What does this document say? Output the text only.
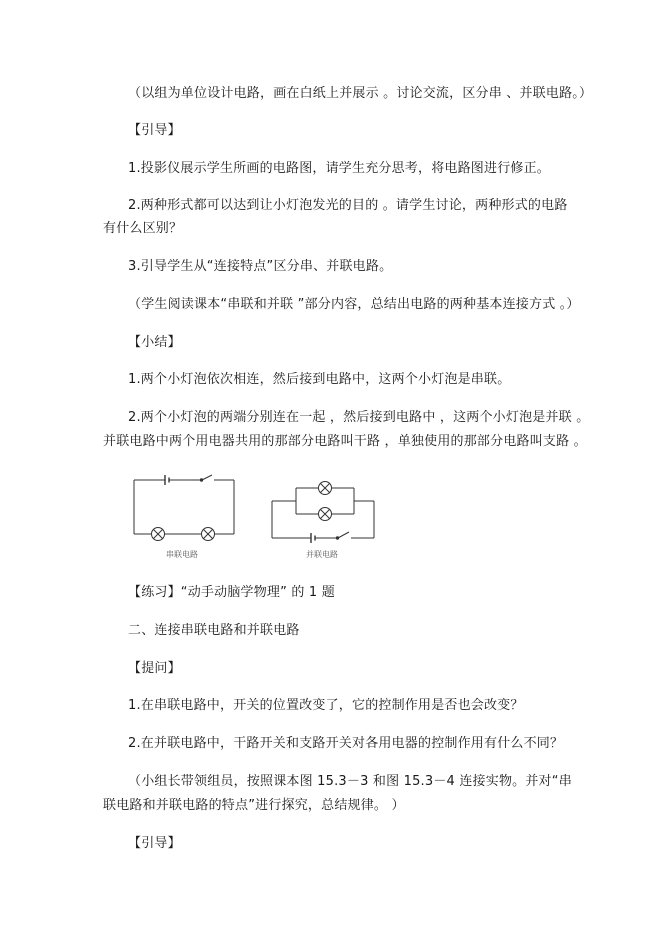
（以组为单位设计电路，画在白纸上并展示 。讨论交流，区分串 、并联电路。）
【引导】
1.投影仪展示学生所画的电路图，请学生充分思考，将电路图进行修正。
2.两种形式都可以达到让小灯泡发光的目的 。请学生讨论，两种形式的电路
有什么区别？
3.引导学生从“连接特点”区分串、并联电路。
（学生阅读课本“串联和并联 ”部分内容，总结出电路的两种基本连接方式 。）
【小结】
1.两个小灯泡依次相连，然后接到电路中，这两个小灯泡是串联。
2.两个小灯泡的两端分别连在一起 ，然后接到电路中 ，这两个小灯泡是并联 。
并联电路中两个用电器共用的那部分电路叫干路 ，单独使用的那部分电路叫支路 。
串联电路	并联电路
【练习】“动手动脑学物理” 的 1 题
二、连接串联电路和并联电路
【提问】
1.在串联电路中，开关的位置改变了，它的控制作用是否也会改变？
2.在并联电路中，干路开关和支路开关对各用电器的控制作用有什么不同？
（小组长带领组员，按照课本图 15.3－3 和图 15.3－4 连接实物。并对“串
联电路和并联电路的特点”进行探究，总结规律。 ）
【引导】
